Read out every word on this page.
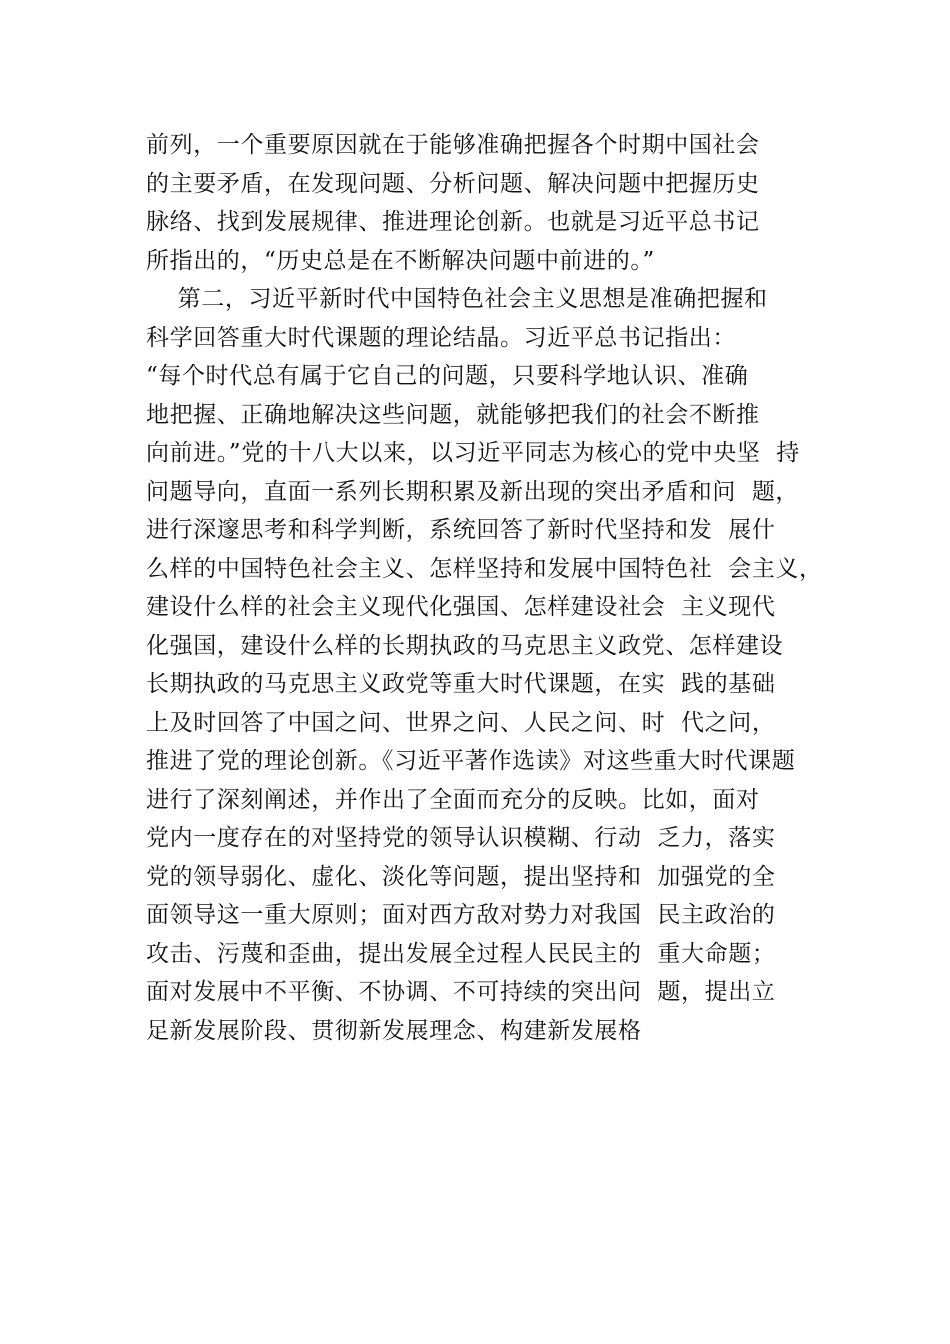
前列，一个重要原因就在于能够准确把握各个时期中国社会
的主要矛盾，在发现问题、分析问题、解决问题中把握历史
脉络、找到发展规律、推进理论创新。也就是习近平总书记
所指出的，“历史总是在不断解决问题中前进的。”
第二，习近平新时代中国特色社会主义思想是准确把握和
科学回答重大时代课题的理论结晶。习近平总书记指出：
“每个时代总有属于它自己的问题，只要科学地认识、准确
地把握、正确地解决这些问题，就能够把我们的社会不断推
向前进。”党的十八大以来，以习近平同志为核心的党中央坚  持
问题导向，直面一系列长期积累及新出现的突出矛盾和问  题，
进行深邃思考和科学判断，系统回答了新时代坚持和发  展什
么样的中国特色社会主义、怎样坚持和发展中国特色社  会主义，
建设什么样的社会主义现代化强国、怎样建设社会  主义现代
化强国，建设什么样的长期执政的马克思主义政党、怎样建设
长期执政的马克思主义政党等重大时代课题，在实  践的基础
上及时回答了中国之问、世界之问、人民之问、时  代之问，
推进了党的理论创新。《习近平著作选读》对这些重大时代课题
进行了深刻阐述，并作出了全面而充分的反映。比如，面对
党内一度存在的对坚持党的领导认识模糊、行动  乏力，落实
党的领导弱化、虚化、淡化等问题，提出坚持和  加强党的全
面领导这一重大原则；面对西方敌对势力对我国  民主政治的
攻击、污蔑和歪曲，提出发展全过程人民民主的  重大命题；
面对发展中不平衡、不协调、不可持续的突出问  题，提出立
足新发展阶段、贯彻新发展理念、构建新发展格
